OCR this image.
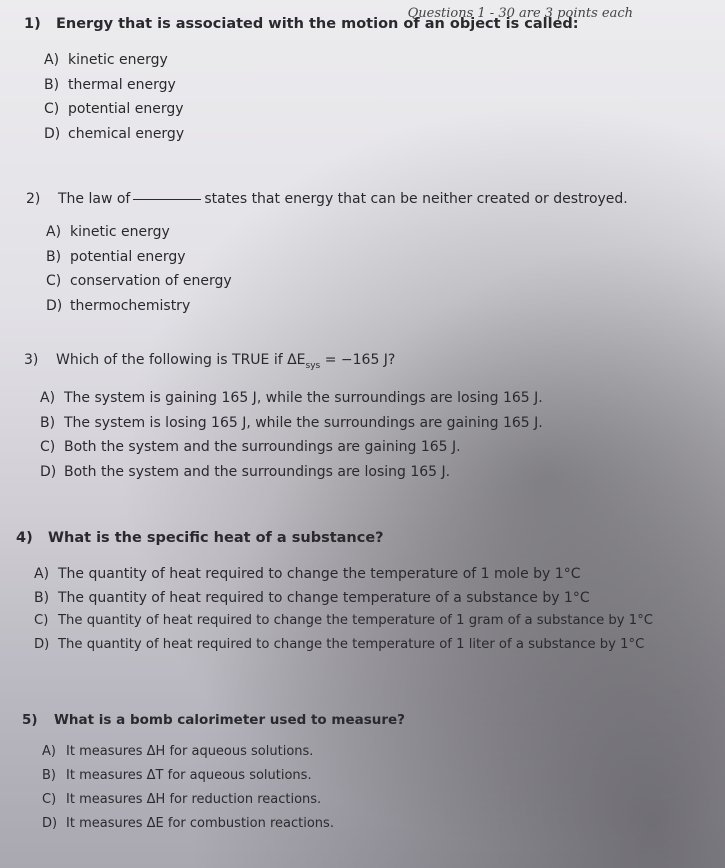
Questions 1 - 30 are 3 points each
1) Energy that is associated with the motion of an object is called:
A) kinetic energy
B) thermal energy
C) potential energy
D) chemical energy
2) The law of	states that energy that can be neither created or destroyed.
A) kinetic energy
B) potential energy
C) conservation of energy
D) thermochemistry
3) Which of the following is TRUE if $\Delta E_{sys} = -165$ J?
A) The system is gaining 165 J, while the surroundings are losing 165 J.
B) The system is losing 165 J, while the surroundings are gaining 165 J.
C) Both the system and the surroundings are gaining 165 J.
D) Both the system and the surroundings are losing 165 J.
4) What is the specific heat of a substance?
A) The quantity of heat required to change the temperature of 1 mole by 1°C
B) The quantity of heat required to change temperature of a substance by 1°C
C) The quantity of heat required to change the temperature of 1 gram of a substance by 1°C
D) The quantity of heat required to change the temperature of 1 liter of a substance by 1°C
5) What is a bomb calorimeter used to measure?
A) It measures ΔH for aqueous solutions.
B) It measures ΔT for aqueous solutions.
C) It measures ΔH for reduction reactions.
D) It measures ΔE for combustion reactions.
